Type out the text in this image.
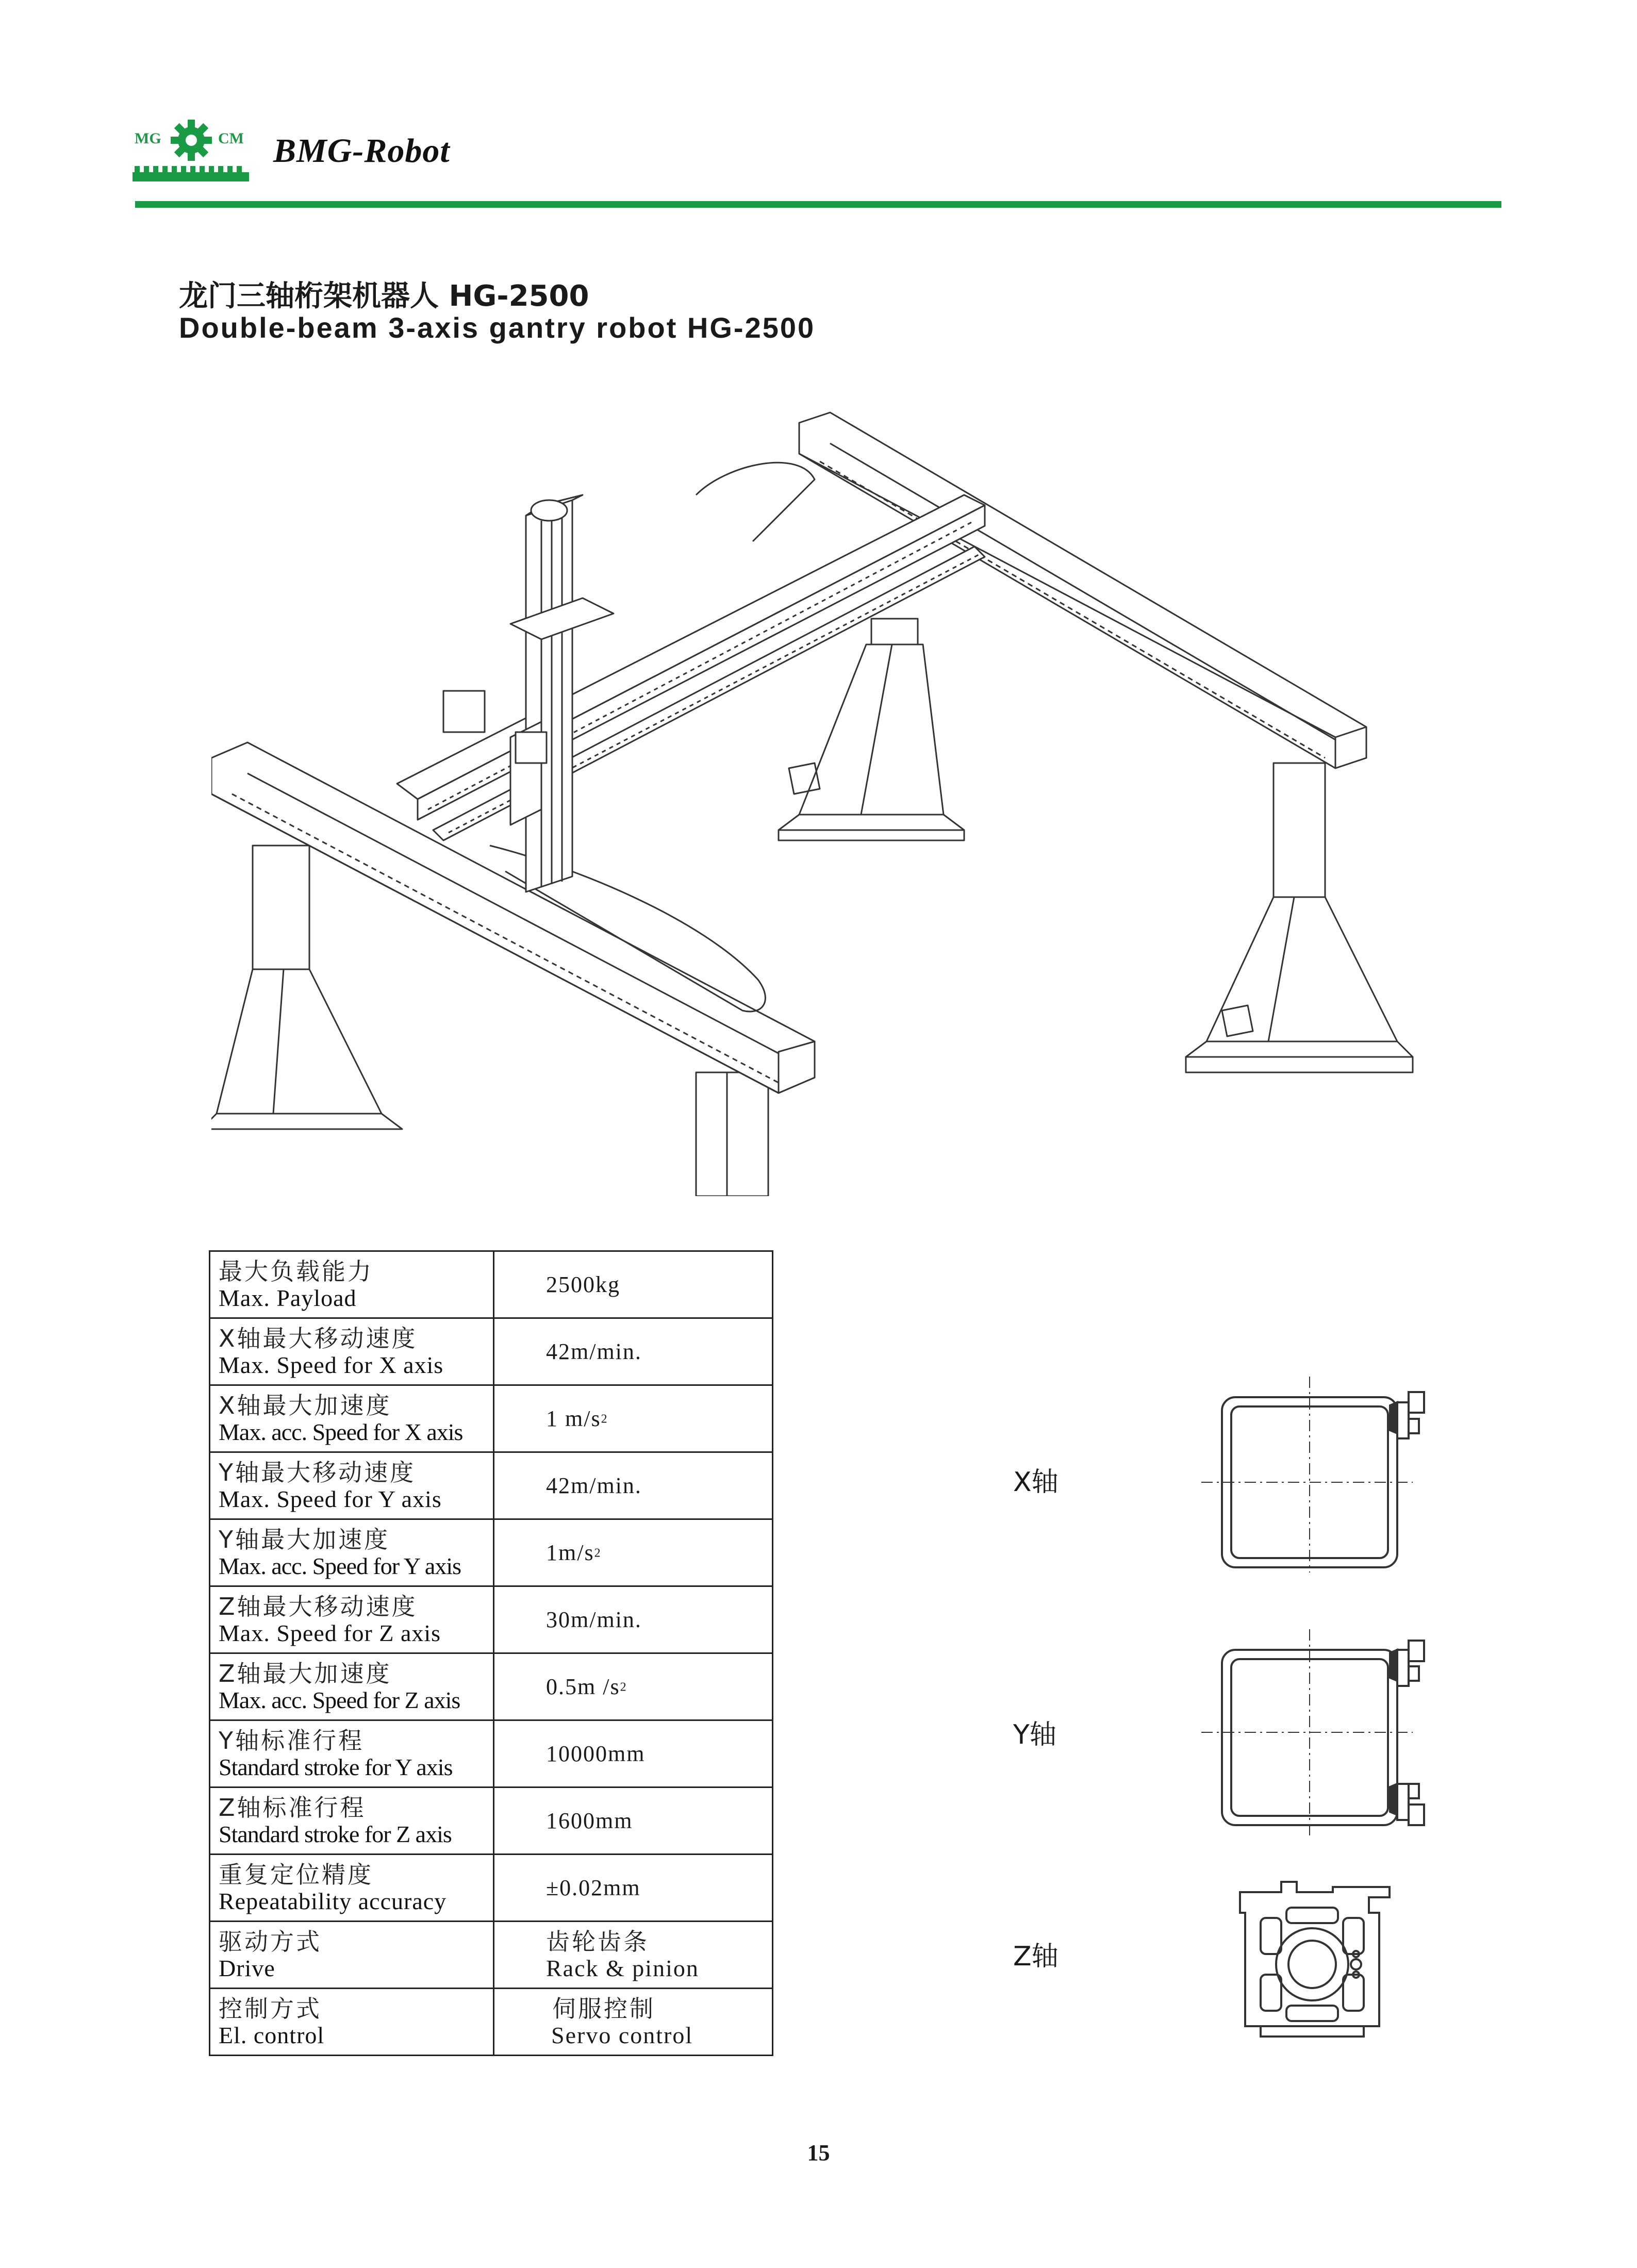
MG	CM BMG-Robot
龙门三轴桁架机器人 HG-2500
Double-beam 3-axis gantry robot HG-2500
最大负载能力
Max. Payload	2500kg

X轴最大移动速度
Max. Speed for X axis	42m/min.

X轴最大加速度
Max. acc. Speed for X axis	1 $m/s^2$

Y轴最大移动速度
Max. Speed for Y axis	42m/min.

Y轴最大加速度
Max. acc. Speed for Y axis	$1m/s^2$

Z轴最大移动速度
Max. Speed for Z axis	30m/min.

Z轴最大加速度
Max. acc. Speed for Z axis	0.5m $/s^2$

Y轴标准行程
Standard stroke for Y axis	10000mm

Z轴标准行程
Standard stroke for Z axis	1600mm

重复定位精度
Repeatability accuracy	±0.02mm

驱动方式
Drive	齿轮齿条
Rack & pinion

控制方式
El. control	伺服控制
Servo control
X轴
Y轴
Z轴
15
